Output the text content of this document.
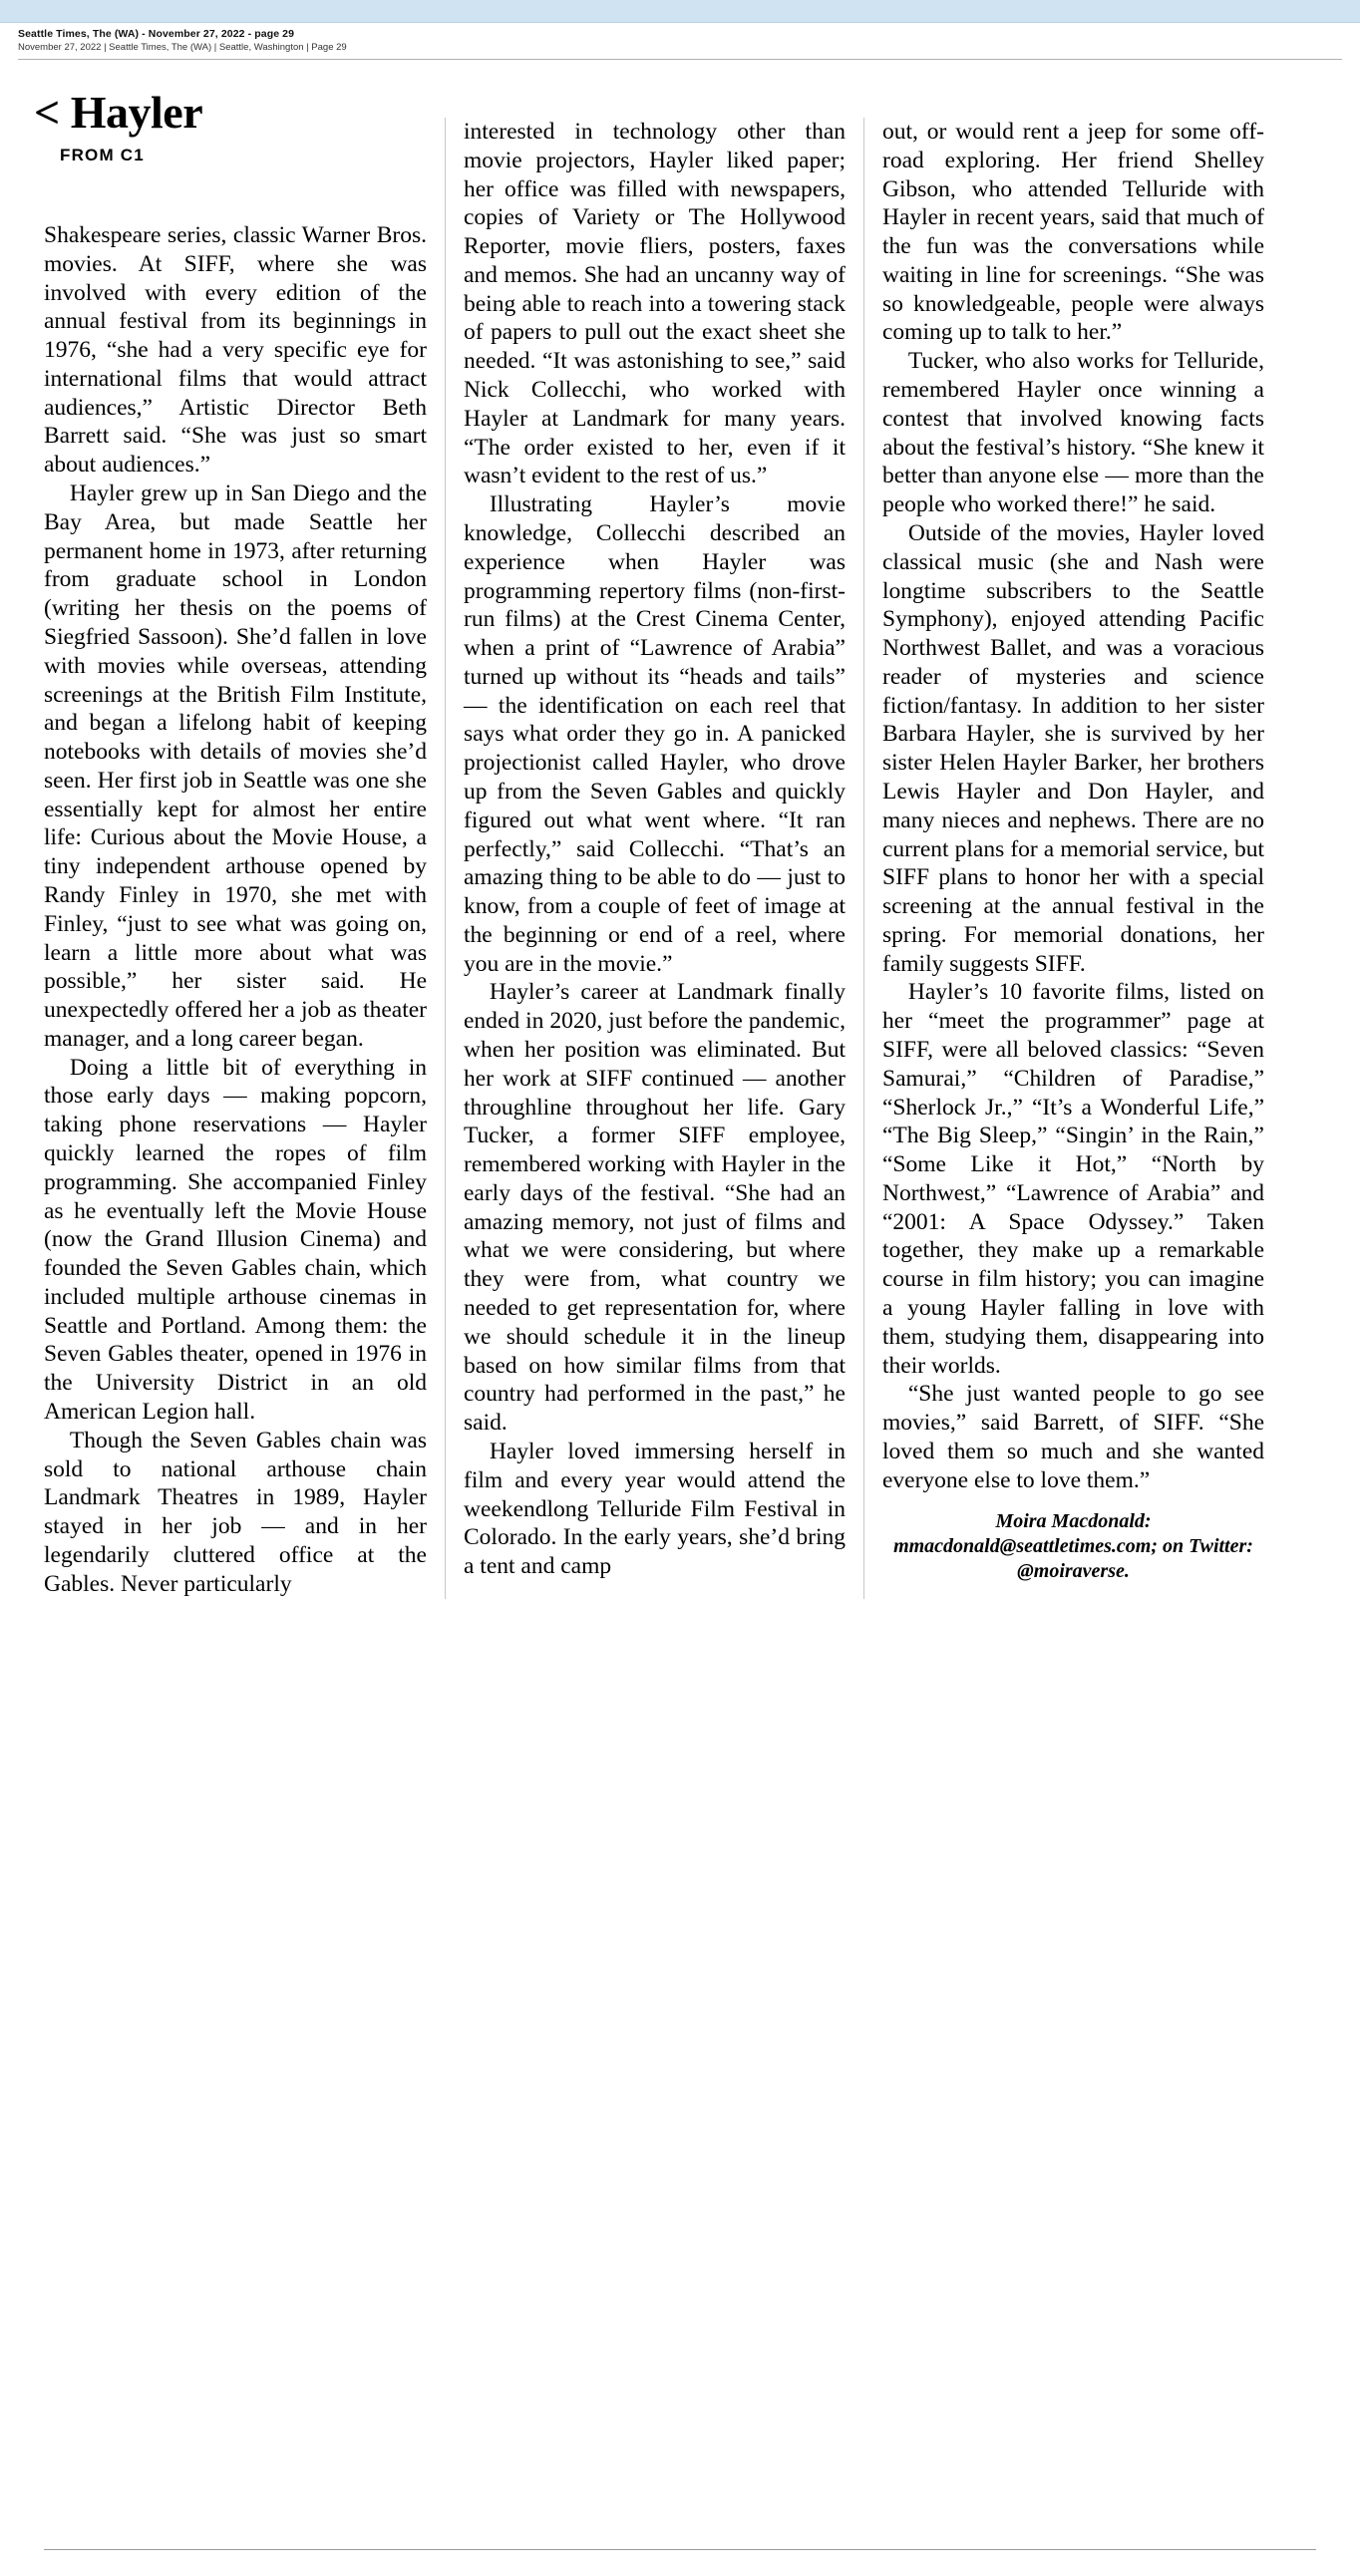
Seattle Times, The (WA) - November 27, 2022 - page 29
November 27, 2022 | Seattle Times, The (WA) | Seattle, Washington | Page 29
< Hayler
FROM C1

Shakespeare series, classic Warner Bros. movies. At SIFF, where she was involved with every edition of the annual festival from its beginnings in 1976, “she had a very specific eye for international films that would attract audiences,” Artistic Director Beth Barrett said. “She was just so smart about audiences.”

Hayler grew up in San Diego and the Bay Area, but made Seattle her permanent home in 1973, after returning from graduate school in London (writing her thesis on the poems of Siegfried Sassoon). She’d fallen in love with movies while overseas, attending screenings at the British Film Institute, and began a lifelong habit of keeping notebooks with details of movies she’d seen. Her first job in Seattle was one she essentially kept for almost her entire life: Curious about the Movie House, a tiny independent arthouse opened by Randy Finley in 1970, she met with Finley, “just to see what was going on, learn a little more about what was possible,” her sister said. He unexpectedly offered her a job as theater manager, and a long career began.

Doing a little bit of everything in those early days — making popcorn, taking phone reservations — Hayler quickly learned the ropes of film programming. She accompanied Finley as he eventually left the Movie House (now the Grand Illusion Cinema) and founded the Seven Gables chain, which included multiple arthouse cinemas in Seattle and Portland. Among them: the Seven Gables theater, opened in 1976 in the University District in an old American Legion hall.

Though the Seven Gables chain was sold to national arthouse chain Landmark Theatres in 1989, Hayler stayed in her job — and in her legendarily cluttered office at the Gables. Never particularly

interested in technology other than movie projectors, Hayler liked paper; her office was filled with newspapers, copies of Variety or The Hollywood Reporter, movie fliers, posters, faxes and memos. She had an uncanny way of being able to reach into a towering stack of papers to pull out the exact sheet she needed. “It was astonishing to see,” said Nick Collecchi, who worked with Hayler at Landmark for many years. “The order existed to her, even if it wasn’t evident to the rest of us.”

Illustrating Hayler’s movie knowledge, Collecchi described an experience when Hayler was programming repertory films (non-first-run films) at the Crest Cinema Center, when a print of “Lawrence of Arabia” turned up without its “heads and tails” — the identification on each reel that says what order they go in. A panicked projectionist called Hayler, who drove up from the Seven Gables and quickly figured out what went where. “It ran perfectly,” said Collecchi. “That’s an amazing thing to be able to do — just to know, from a couple of feet of image at the beginning or end of a reel, where you are in the movie.”

Hayler’s career at Landmark finally ended in 2020, just before the pandemic, when her position was eliminated. But her work at SIFF continued — another throughline throughout her life. Gary Tucker, a former SIFF employee, remembered working with Hayler in the early days of the festival. “She had an amazing memory, not just of films and what we were considering, but where they were from, what country we needed to get representation for, where we should schedule it in the lineup based on how similar films from that country had performed in the past,” he said.

Hayler loved immersing herself in film and every year would attend the weekendlong Telluride Film Festival in Colorado. In the early years, she’d bring a tent and camp

out, or would rent a jeep for some off-road exploring. Her friend Shelley Gibson, who attended Telluride with Hayler in recent years, said that much of the fun was the conversations while waiting in line for screenings. “She was so knowledgeable, people were always coming up to talk to her.”

Tucker, who also works for Telluride, remembered Hayler once winning a contest that involved knowing facts about the festival’s history. “She knew it better than anyone else — more than the people who worked there!” he said.

Outside of the movies, Hayler loved classical music (she and Nash were longtime subscribers to the Seattle Symphony), enjoyed attending Pacific Northwest Ballet, and was a voracious reader of mysteries and science fiction/fantasy. In addition to her sister Barbara Hayler, she is survived by her sister Helen Hayler Barker, her brothers Lewis Hayler and Don Hayler, and many nieces and nephews. There are no current plans for a memorial service, but SIFF plans to honor her with a special screening at the annual festival in the spring. For memorial donations, her family suggests SIFF.

Hayler’s 10 favorite films, listed on her “meet the programmer” page at SIFF, were all beloved classics: “Seven Samurai,” “Children of Paradise,” “Sherlock Jr.,” “It’s a Wonderful Life,” “The Big Sleep,” “Singin’ in the Rain,” “Some Like it Hot,” “North by Northwest,” “Lawrence of Arabia” and “2001: A Space Odyssey.” Taken together, they make up a remarkable course in film history; you can imagine a young Hayler falling in love with them, studying them, disappearing into their worlds.

“She just wanted people to go see movies,” said Barrett, of SIFF. “She loved them so much and she wanted everyone else to love them.”

Moira Macdonald: mmacdonald@seattletimes.com; on Twitter: @moiraverse.
